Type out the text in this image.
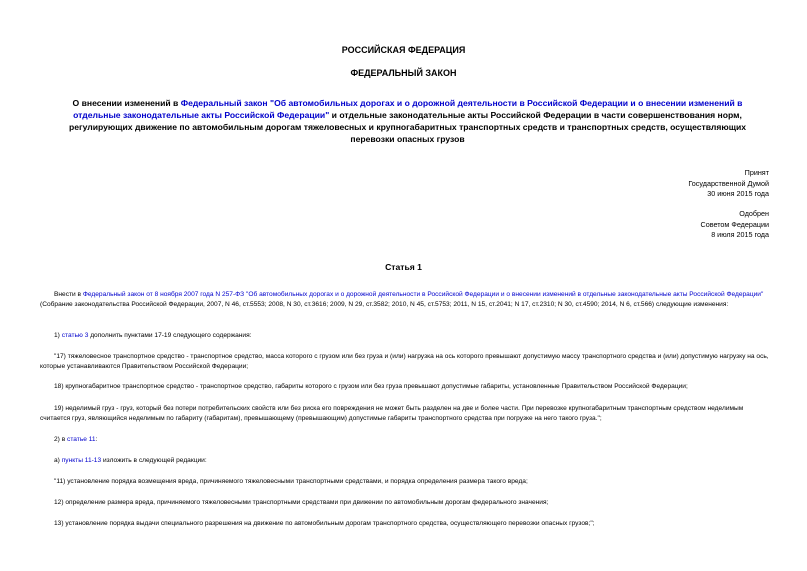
РОССИЙСКАЯ ФЕДЕРАЦИЯ
ФЕДЕРАЛЬНЫЙ ЗАКОН
О внесении изменений в Федеральный закон "Об автомобильных дорогах и о дорожной деятельности в Российской Федерации и о внесении изменений в отдельные законодательные акты Российской Федерации" и отдельные законодательные акты Российской Федерации в части совершенствования норм, регулирующих движение по автомобильным дорогам тяжеловесных и крупногабаритных транспортных средств и транспортных средств, осуществляющих перевозки опасных грузов
Принят
Государственной Думой
30 июня 2015 года
Одобрен
Советом Федерации
8 июля 2015 года
Статья 1
Внести в Федеральный закон от 8 ноября 2007 года N 257-ФЗ "Об автомобильных дорогах и о дорожной деятельности в Российской Федерации и о внесении изменений в отдельные законодательные акты Российской Федерации" (Собрание законодательства Российской Федерации, 2007, N 46, ст.5553; 2008, N 30, ст.3616; 2009, N 29, ст.3582; 2010, N 45, ст.5753; 2011, N 15, ст.2041; N 17, ст.2310; N 30, ст.4590; 2014, N 6, ст.566) следующие изменения:
1) статью 3 дополнить пунктами 17-19 следующего содержания:
"17) тяжеловесное транспортное средство - транспортное средство, масса которого с грузом или без груза и (или) нагрузка на ось которого превышают допустимую массу транспортного средства и (или) допустимую нагрузку на ось, которые устанавливаются Правительством Российской Федерации;
18) крупногабаритное транспортное средство - транспортное средство, габариты которого с грузом или без груза превышают допустимые габариты, установленные Правительством Российской Федерации;
19) неделимый груз - груз, который без потери потребительских свойств или без риска его повреждения не может быть разделен на две и более части. При перевозке крупногабаритным транспортным средством неделимым считается груз, являющийся неделимым по габариту (габаритам), превышающему (превышающим) допустимые габариты транспортного средства при погрузке на него такого груза.";
2) в статье 11:
а) пункты 11-13 изложить в следующей редакции:
"11) установление порядка возмещения вреда, причиняемого тяжеловесными транспортными средствами, и порядка определения размера такого вреда;
12) определение размера вреда, причиняемого тяжеловесными транспортными средствами при движении по автомобильным дорогам федерального значения;
13) установление порядка выдачи специального разрешения на движение по автомобильным дорогам транспортного средства, осуществляющего перевозки опасных грузов;";
